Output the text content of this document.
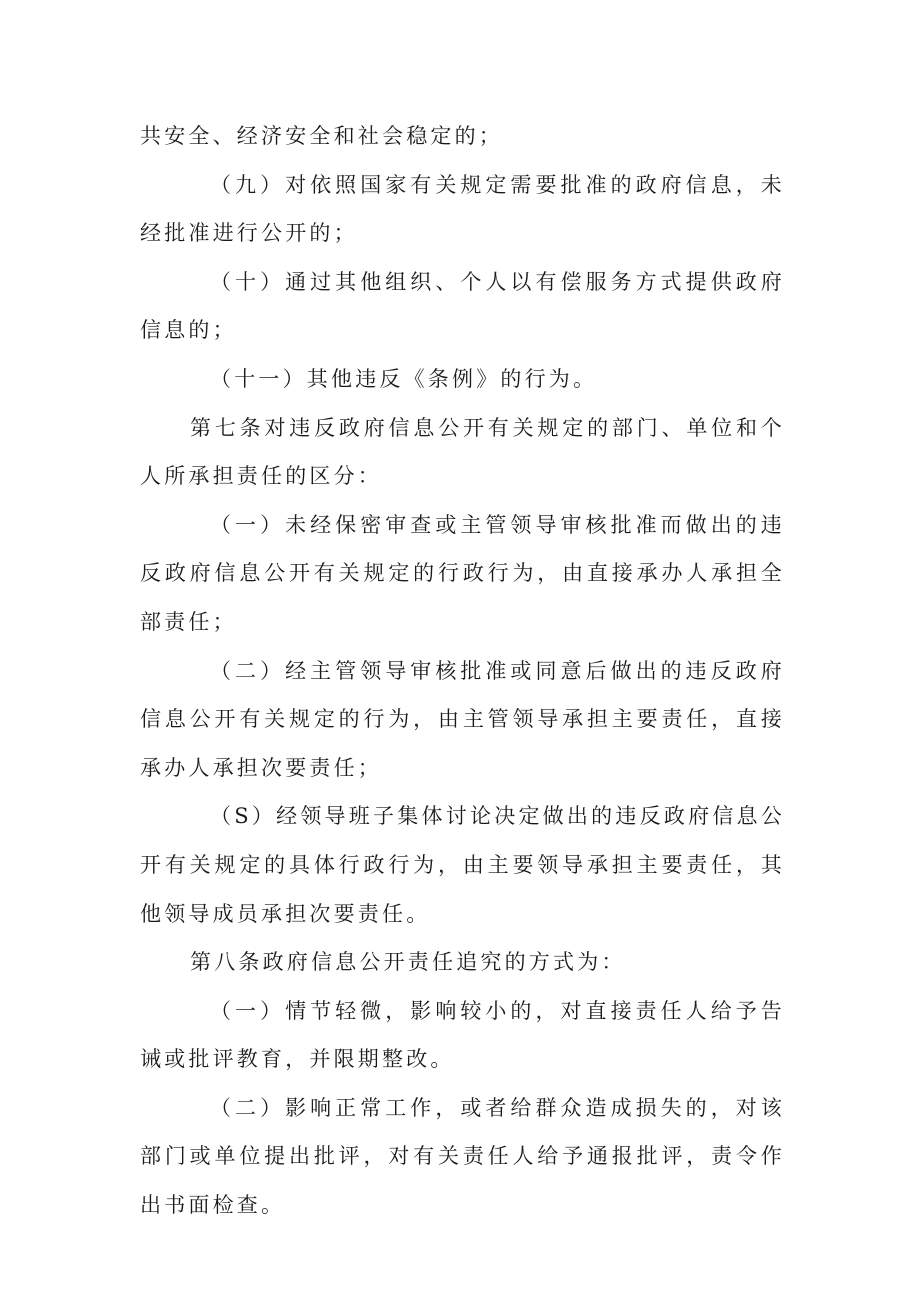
共安全、经济安全和社会稳定的；

（九）对依照国家有关规定需要批准的政府信息，未经批准进行公开的；

（十）通过其他组织、个人以有偿服务方式提供政府信息的；

（十一）其他违反《条例》的行为。

第七条对违反政府信息公开有关规定的部门、单位和个人所承担责任的区分：

（一）未经保密审查或主管领导审核批准而做出的违反政府信息公开有关规定的行政行为，由直接承办人承担全部责任；

（二）经主管领导审核批准或同意后做出的违反政府信息公开有关规定的行为，由主管领导承担主要责任，直接承办人承担次要责任；

（S）经领导班子集体讨论决定做出的违反政府信息公开有关规定的具体行政行为，由主要领导承担主要责任，其他领导成员承担次要责任。

第八条政府信息公开责任追究的方式为：

（一）情节轻微，影响较小的，对直接责任人给予告诫或批评教育，并限期整改。

（二）影响正常工作，或者给群众造成损失的，对该部门或单位提出批评，对有关责任人给予通报批评，责令作出书面检查。
